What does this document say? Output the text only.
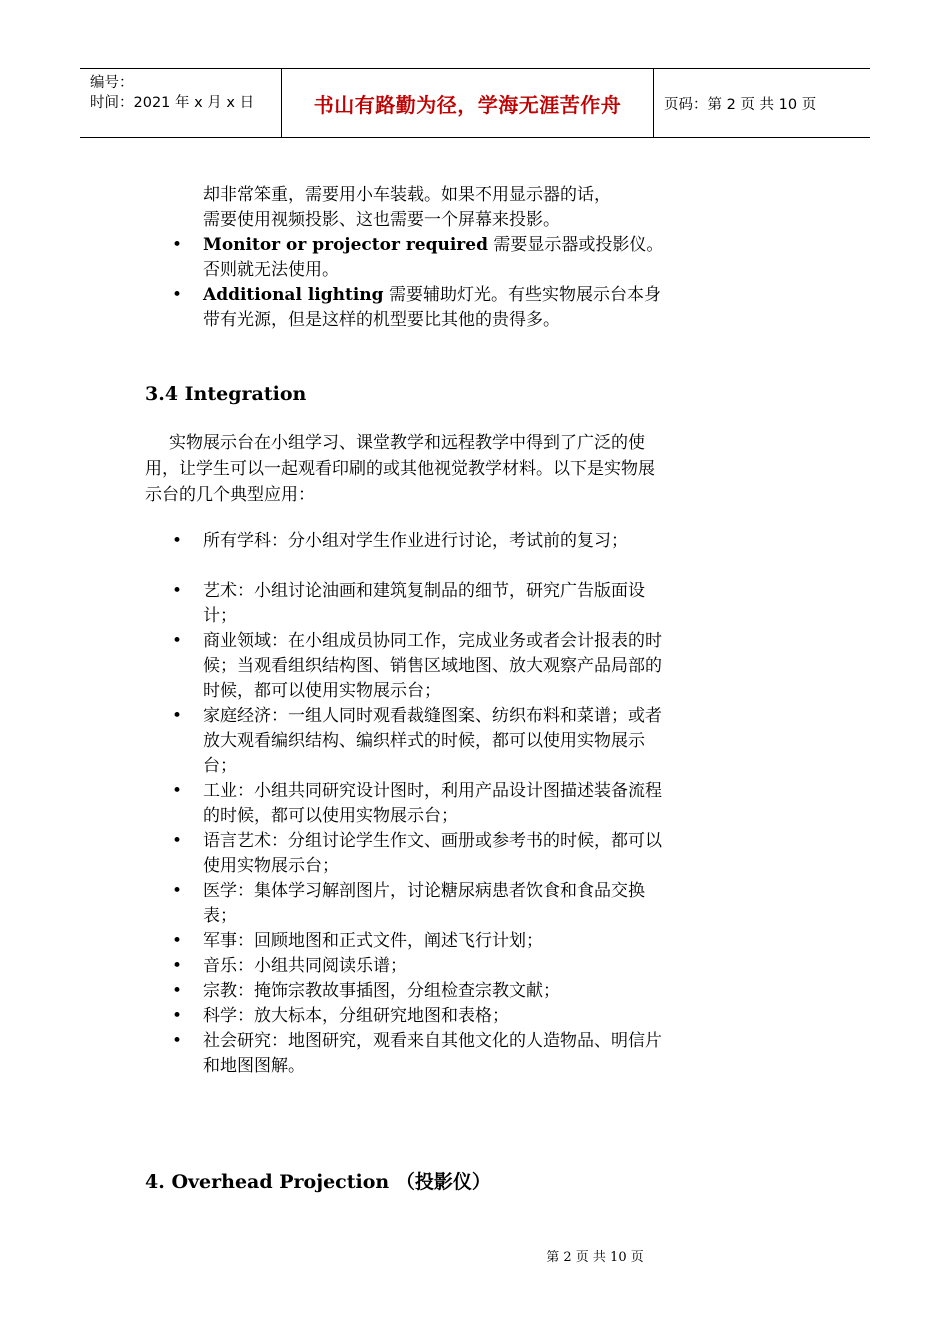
编号：
时间：2021 年 x 月 x 日	书山有路勤为径，学海无涯苦作舟	页码：第 2 页 共 10 页
却非常笨重，需要用小车装载。如果不用显示器的话，
需要使用视频投影、这也需要一个屏幕来投影。
• Monitor or projector required 需要显示器或投影仪。否则就无法使用。
• Additional lighting 需要辅助灯光。有些实物展示台本身带有光源，但是这样的机型要比其他的贵得多。
3.4 Integration
实物展示台在小组学习、课堂教学和远程教学中得到了广泛的使用，让学生可以一起观看印刷的或其他视觉教学材料。以下是实物展示台的几个典型应用：
• 所有学科：分小组对学生作业进行讨论，考试前的复习；
• 艺术：小组讨论油画和建筑复制品的细节，研究广告版面设计；
• 商业领域：在小组成员协同工作，完成业务或者会计报表的时候；当观看组织结构图、销售区域地图、放大观察产品局部的时候，都可以使用实物展示台；
• 家庭经济：一组人同时观看裁缝图案、纺织布料和菜谱；或者放大观看编织结构、编织样式的时候，都可以使用实物展示台；
• 工业：小组共同研究设计图时，利用产品设计图描述装备流程的时候，都可以使用实物展示台；
• 语言艺术：分组讨论学生作文、画册或参考书的时候，都可以使用实物展示台；
• 医学：集体学习解剖图片，讨论糖尿病患者饮食和食品交换表；
• 军事：回顾地图和正式文件，阐述飞行计划；
• 音乐：小组共同阅读乐谱；
• 宗教：掩饰宗教故事插图，分组检查宗教文献；
• 科学：放大标本，分组研究地图和表格；
• 社会研究：地图研究，观看来自其他文化的人造物品、明信片和地图图解。
4. Overhead Projection （投影仪）
第 2 页 共 10 页
